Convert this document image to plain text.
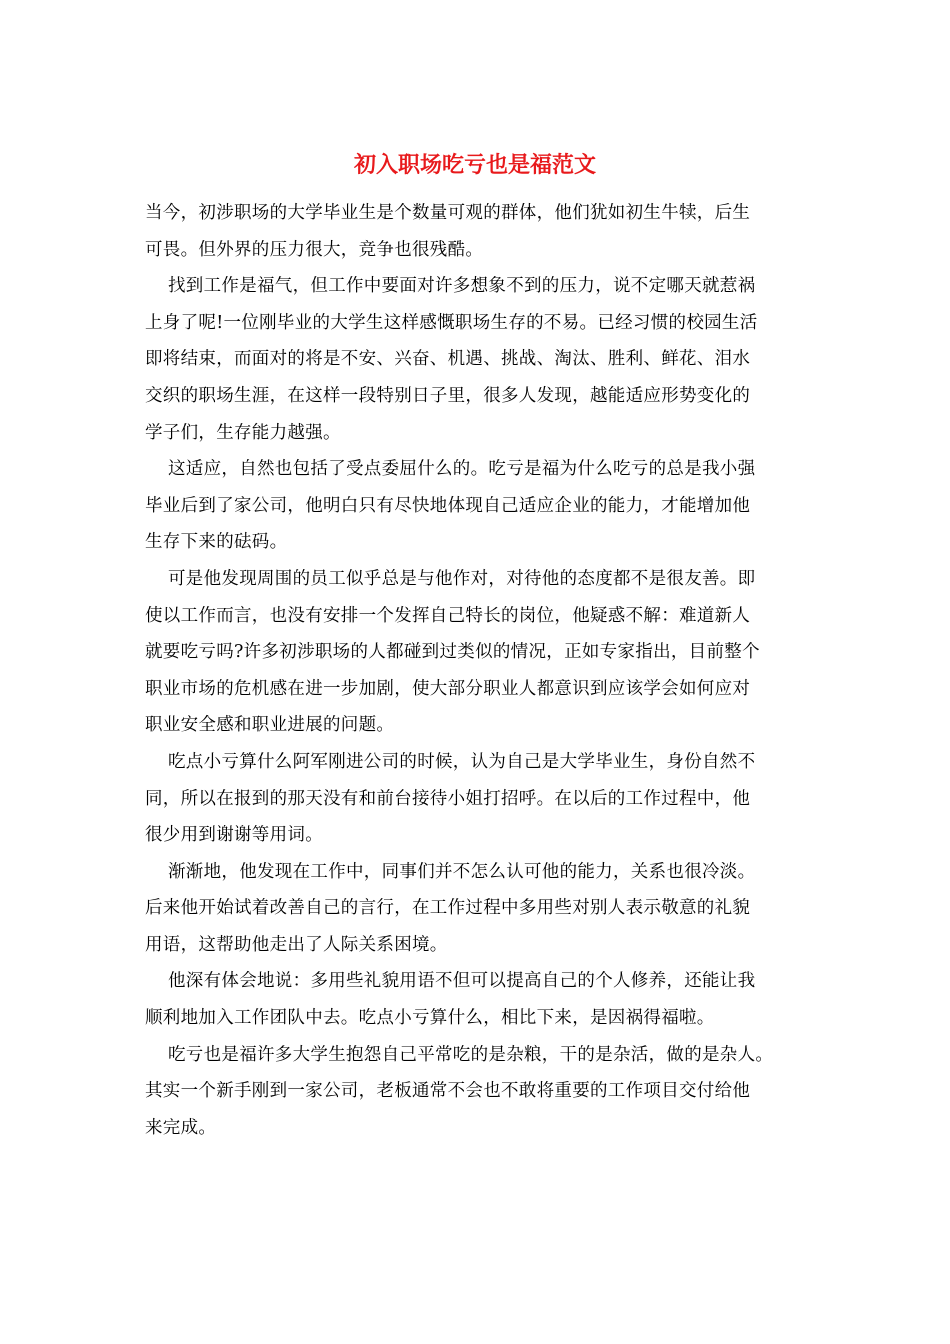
初入职场吃亏也是福范文

当今，初涉职场的大学毕业生是个数量可观的群体，他们犹如初生牛犊，后生
可畏。但外界的压力很大，竞争也很残酷。

找到工作是福气，但工作中要面对许多想象不到的压力，说不定哪天就惹祸
上身了呢!一位刚毕业的大学生这样感慨职场生存的不易。已经习惯的校园生活
即将结束，而面对的将是不安、兴奋、机遇、挑战、淘汰、胜利、鲜花、泪水
交织的职场生涯，在这样一段特别日子里，很多人发现，越能适应形势变化的
学子们，生存能力越强。

这适应，自然也包括了受点委屈什么的。吃亏是福为什么吃亏的总是我小强
毕业后到了家公司，他明白只有尽快地体现自己适应企业的能力，才能增加他
生存下来的砝码。

可是他发现周围的员工似乎总是与他作对，对待他的态度都不是很友善。即
使以工作而言，也没有安排一个发挥自己特长的岗位，他疑惑不解：难道新人
就要吃亏吗?许多初涉职场的人都碰到过类似的情况，正如专家指出，目前整个
职业市场的危机感在进一步加剧，使大部分职业人都意识到应该学会如何应对
职业安全感和职业进展的问题。

吃点小亏算什么阿军刚进公司的时候，认为自己是大学毕业生，身份自然不
同，所以在报到的那天没有和前台接待小姐打招呼。在以后的工作过程中，他
很少用到谢谢等用词。

渐渐地，他发现在工作中，同事们并不怎么认可他的能力，关系也很冷淡。
后来他开始试着改善自己的言行，在工作过程中多用些对别人表示敬意的礼貌
用语，这帮助他走出了人际关系困境。

他深有体会地说：多用些礼貌用语不但可以提高自己的个人修养，还能让我
顺利地加入工作团队中去。吃点小亏算什么，相比下来，是因祸得福啦。

吃亏也是福许多大学生抱怨自己平常吃的是杂粮，干的是杂活，做的是杂人。
其实一个新手刚到一家公司，老板通常不会也不敢将重要的工作项目交付给他
来完成。
